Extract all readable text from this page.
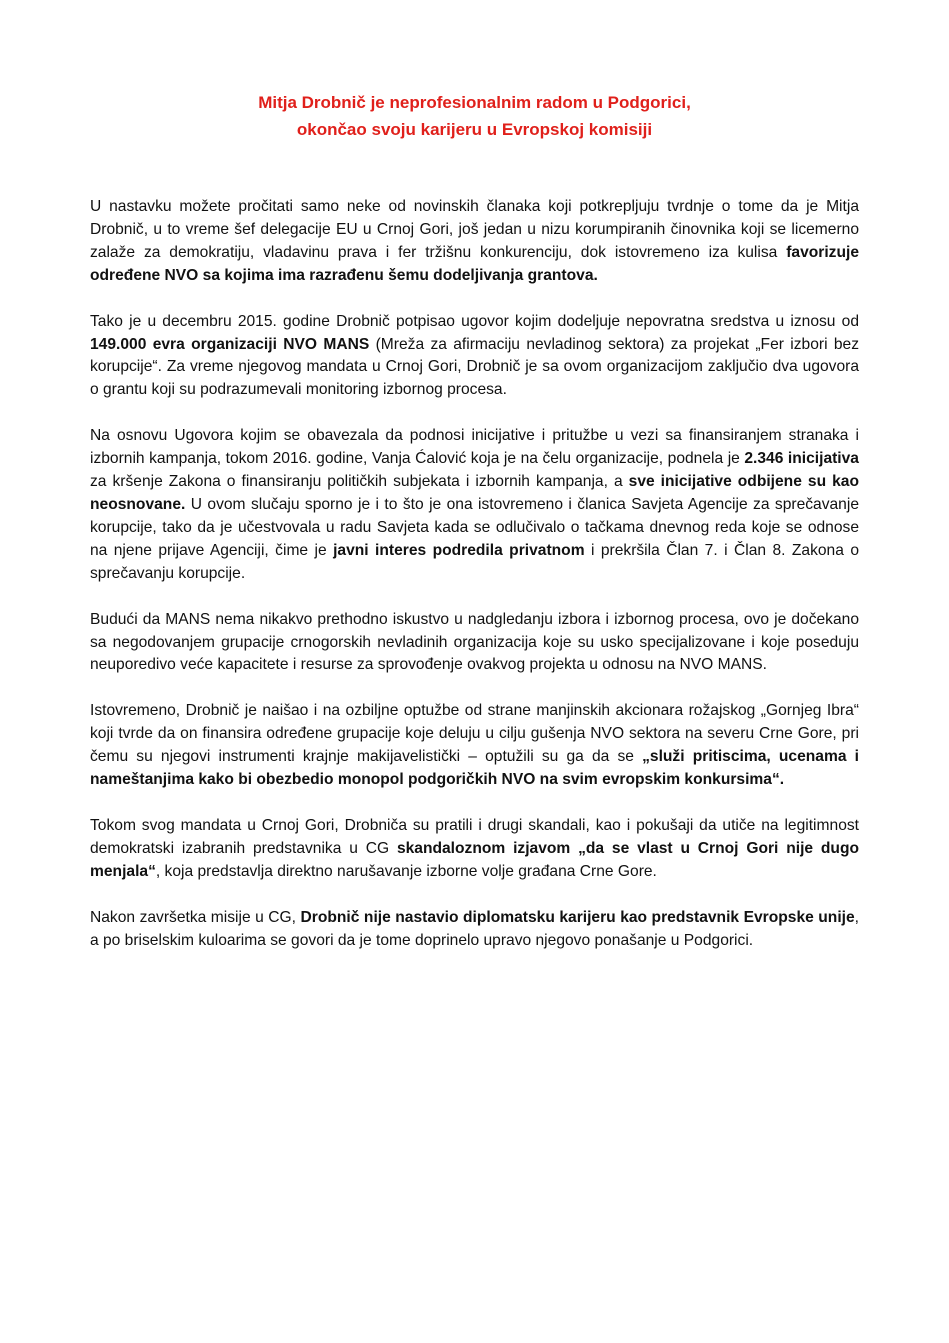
Mitja Drobnič je neprofesionalnim radom u Podgorici,
okončao svoju karijeru u Evropskoj komisiji

U nastavku možete pročitati samo neke od novinskih članaka koji potkrepljuju tvrdnje o tome da je Mitja Drobnič, u to vreme šef delegacije EU u Crnoj Gori, još jedan u nizu korumpiranih činovnika koji se licemerno zalaže za demokratiju, vladavinu prava i fer tržišnu konkurenciju, dok istovremeno iza kulisa favorizuje određene NVO sa kojima ima razrađenu šemu dodeljivanja grantova.

Tako je u decembru 2015. godine Drobnič potpisao ugovor kojim dodeljuje nepovratna sredstva u iznosu od 149.000 evra organizaciji NVO MANS (Mreža za afirmaciju nevladinog sektora) za projekat „Fer izbori bez korupcije“. Za vreme njegovog mandata u Crnoj Gori, Drobnič je sa ovom organizacijom zaključio dva ugovora o grantu koji su podrazumevali monitoring izbornog procesa.

Na osnovu Ugovora kojim se obavezala da podnosi inicijative i pritužbe u vezi sa finansiranjem stranaka i izbornih kampanja, tokom 2016. godine, Vanja Ćalović koja je na čelu organizacije, podnela je 2.346 inicijativa za kršenje Zakona o finansiranju političkih subjekata i izbornih kampanja, a sve inicijative odbijene su kao neosnovane. U ovom slučaju sporno je i to što je ona istovremeno i članica Savjeta Agencije za sprečavanje korupcije, tako da je učestvovala u radu Savjeta kada se odlučivalo o tačkama dnevnog reda koje se odnose na njene prijave Agenciji, čime je javni interes podredila privatnom i prekršila Član 7. i Član 8. Zakona o sprečavanju korupcije.

Budući da MANS nema nikakvo prethodno iskustvo u nadgledanju izbora i izbornog procesa, ovo je dočekano sa negodovanjem grupacije crnogorskih nevladinih organizacija koje su usko specijalizovane i koje poseduju neuporedivo veće kapacitete i resurse za sprovođenje ovakvog projekta u odnosu na NVO MANS.

Istovremeno, Drobnič je naišao i na ozbiljne optužbe od strane manjinskih akcionara rožajskog „Gornjeg Ibra“ koji tvrde da on finansira određene grupacije koje deluju u cilju gušenja NVO sektora na severu Crne Gore, pri čemu su njegovi instrumenti krajnje makijavelistički – optužili su ga da se „služi pritiscima, ucenama i nameštanjima kako bi obezbedio monopol podgoričkih NVO na svim evropskim konkursima“.

Tokom svog mandata u Crnoj Gori, Drobniča su pratili i drugi skandali, kao i pokušaji da utiče na legitimnost demokratski izabranih predstavnika u CG skandaloznom izjavom „da se vlast u Crnoj Gori nije dugo menjala“, koja predstavlja direktno narušavanje izborne volje građana Crne Gore.

Nakon završetka misije u CG, Drobnič nije nastavio diplomatsku karijeru kao predstavnik Evropske unije, a po briselskim kuloarima se govori da je tome doprinelo upravo njegovo ponašanje u Podgorici.
